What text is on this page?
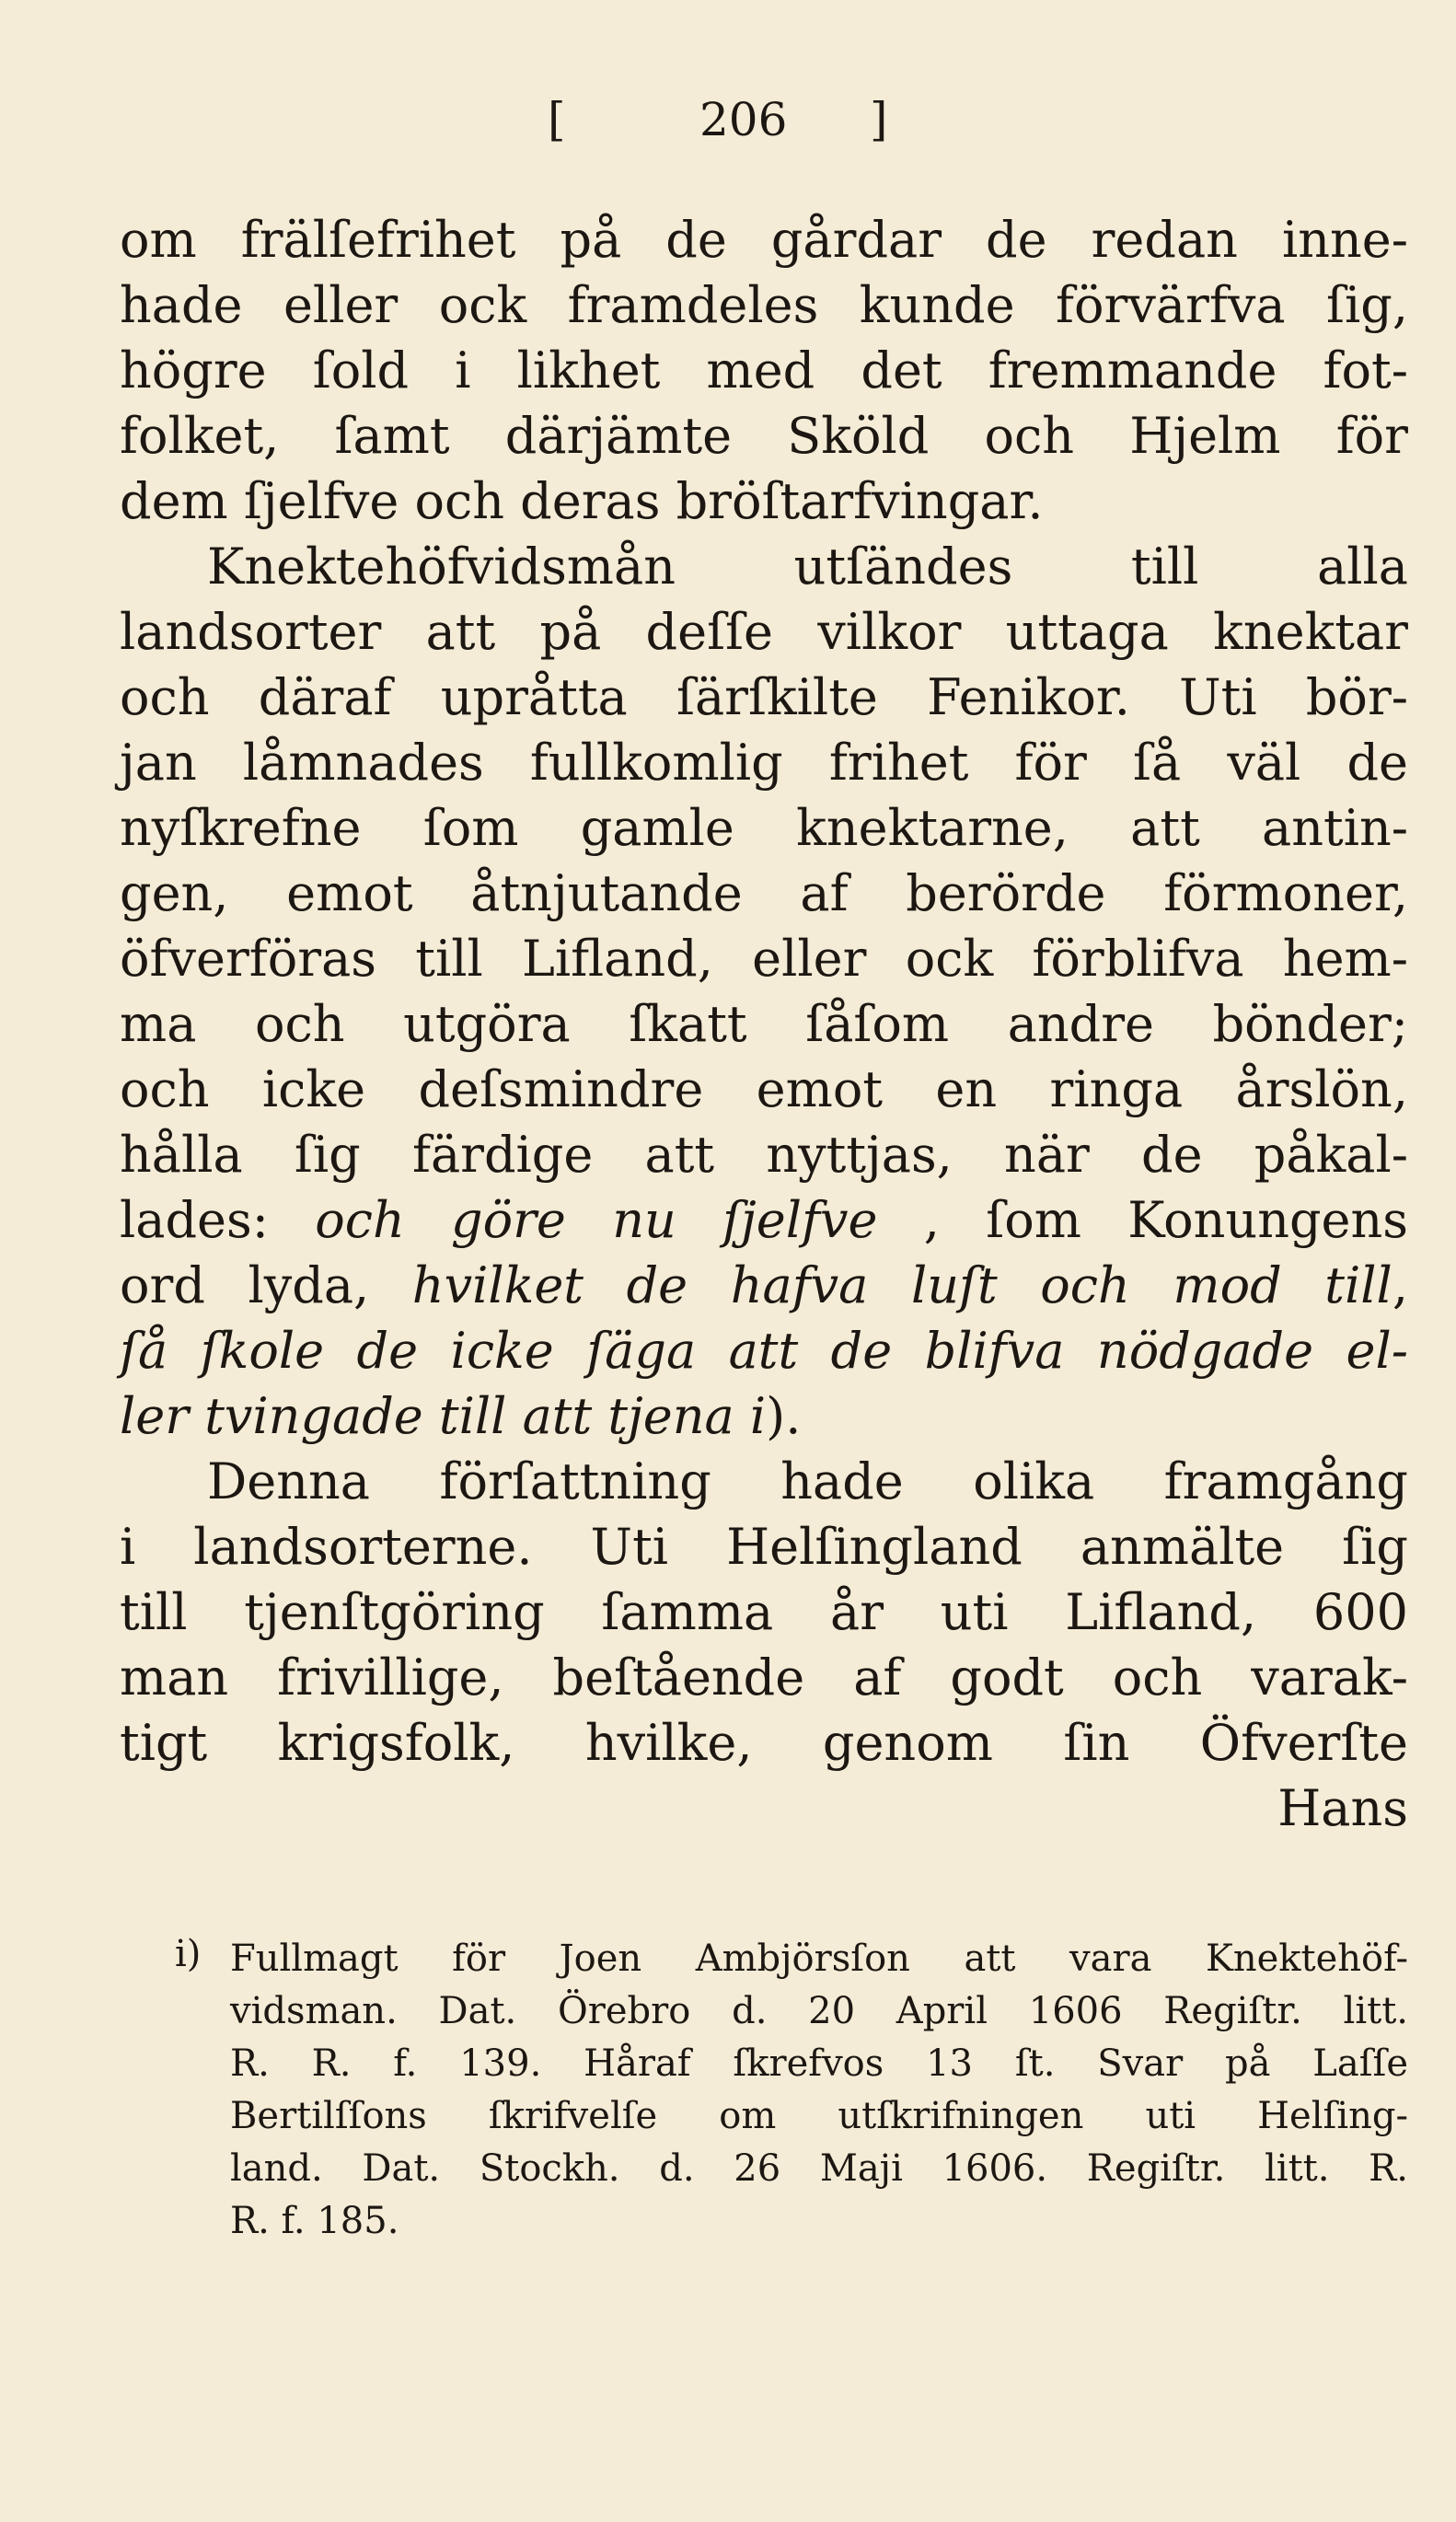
[	206 ]
om frälſefrihet på de gårdar de redan inne-
hade eller ock framdeles kunde förvärfva ſig,
högre ſold i likhet med det fremmande fot-
folket, ſamt därjämte Sköld och Hjelm för
dem ſjelfve och deras bröſtarfvingar.
Knektehöfvidsmån utſändes till alla
landsorter att på deſſe vilkor uttaga knektar
och däraf upråtta ſärſkilte Fenikor. Uti bör-
jan låmnades fullkomlig frihet för ſå väl de
nyſkrefne ſom gamle knektarne, att antin-
gen, emot åtnjutande af berörde förmoner,
öfverföras till Lifland, eller ock förblifva hem-
ma och utgöra ſkatt ſåſom andre bönder;
och icke deſsmindre emot en ringa årslön,
hålla ſig färdige att nyttjas, när de påkal-
lades: och göre nu ſjelfve , ſom Konungens
ord lyda, hvilket de hafva luſt och mod till,
ſå ſkole de icke ſäga att de blifva nödgade el-
ler tvingade till att tjena i).
Denna förſattning hade olika framgång
i landsorterne. Uti Helſingland anmälte ſig
till tjenſtgöring ſamma år uti Lifland, 600
man frivillige, beſtående af godt och varak-
tigt krigsfolk, hvilke, genom ſin Öfverſte
Hans
i) Fullmagt för Joen Ambjörsſon att vara Knektehöf-
vidsman. Dat. Örebro d. 20 April 1606 Regiſtr. litt.
R. R. f. 139. Håraf ſkrefvos 13 ſt. Svar på Laſſe
Bertilſſons ſkrifvelſe om utſkrifningen uti Helſing-
land. Dat. Stockh. d. 26 Maji 1606. Regiſtr. litt. R.
R. f. 185.
